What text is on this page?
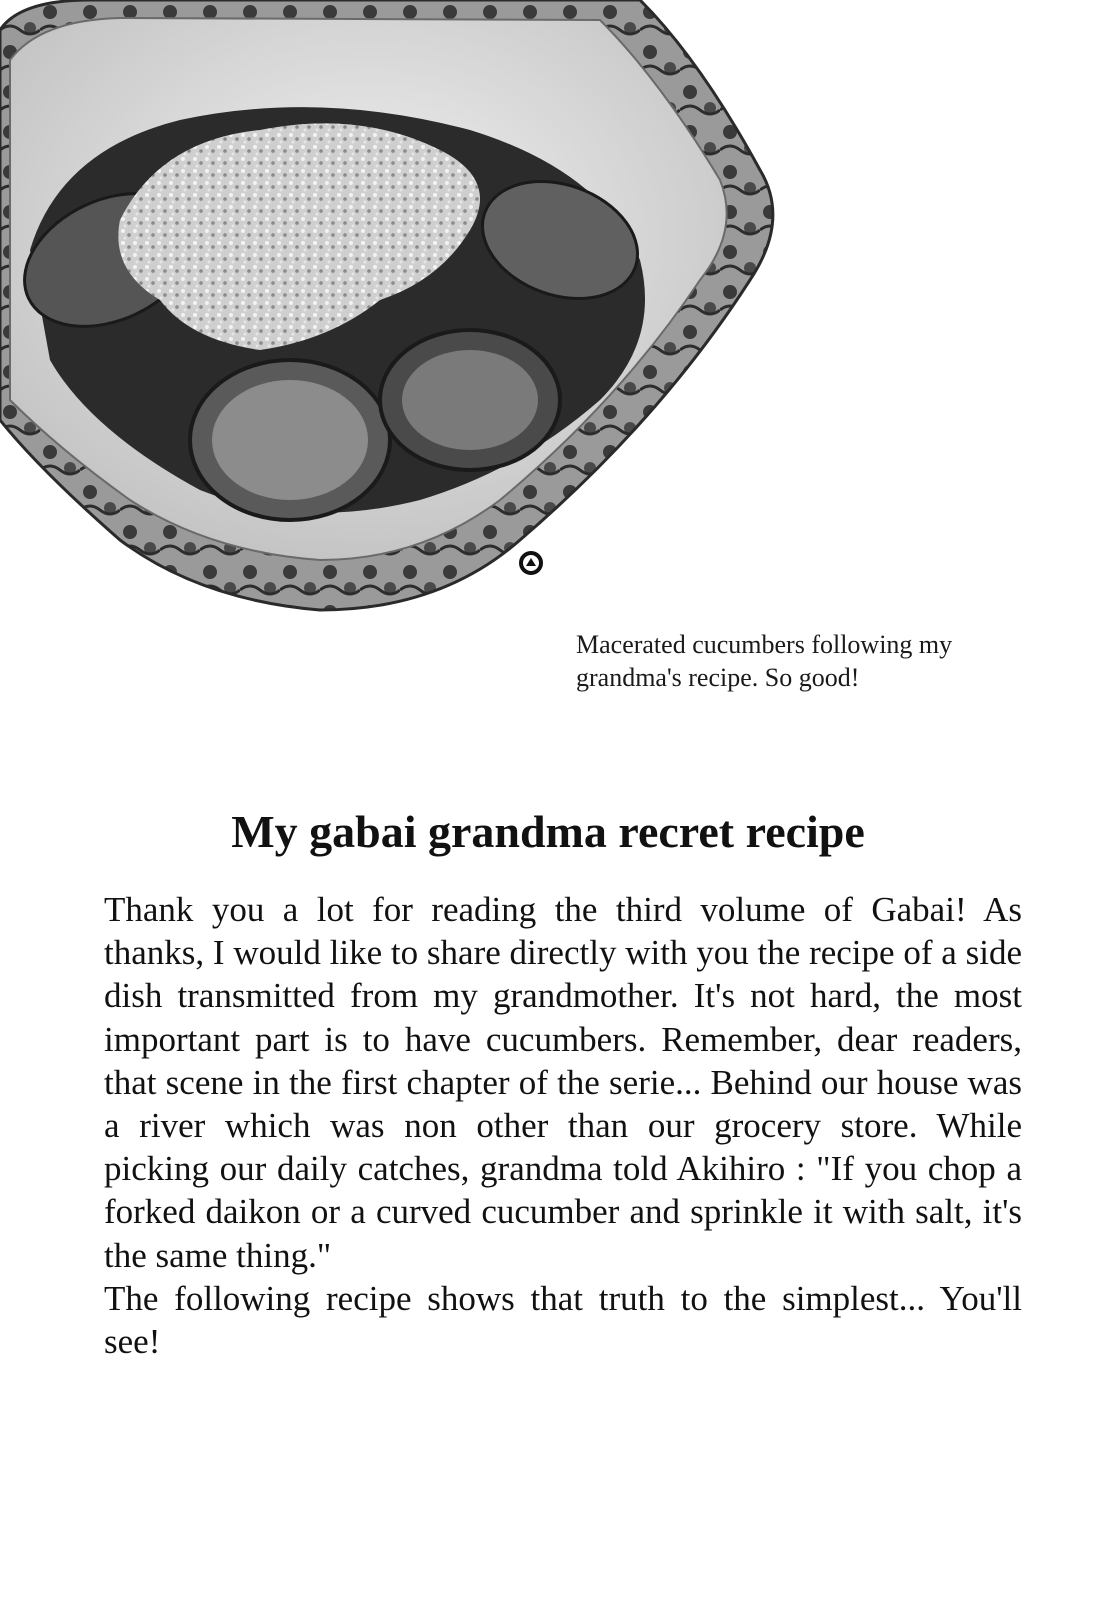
Macerated cucumbers following my
grandma's recipe. So good!
My gabai grandma recret recipe

Thank you a lot for reading the third volume of Gabai! As thanks, I would like to share directly with you the recipe of a side dish transmitted from my grandmother. It's not hard, the most important part is to have cucumbers. Remember, dear readers, that scene in the first chapter of the serie... Behind our house was a river which was non other than our grocery store. While picking our daily catches, grandma told Akihiro : "If you chop a forked daikon or a curved cucumber and sprinkle it with salt, it's the same thing."

The following recipe shows that truth to the simplest... You'll see!
